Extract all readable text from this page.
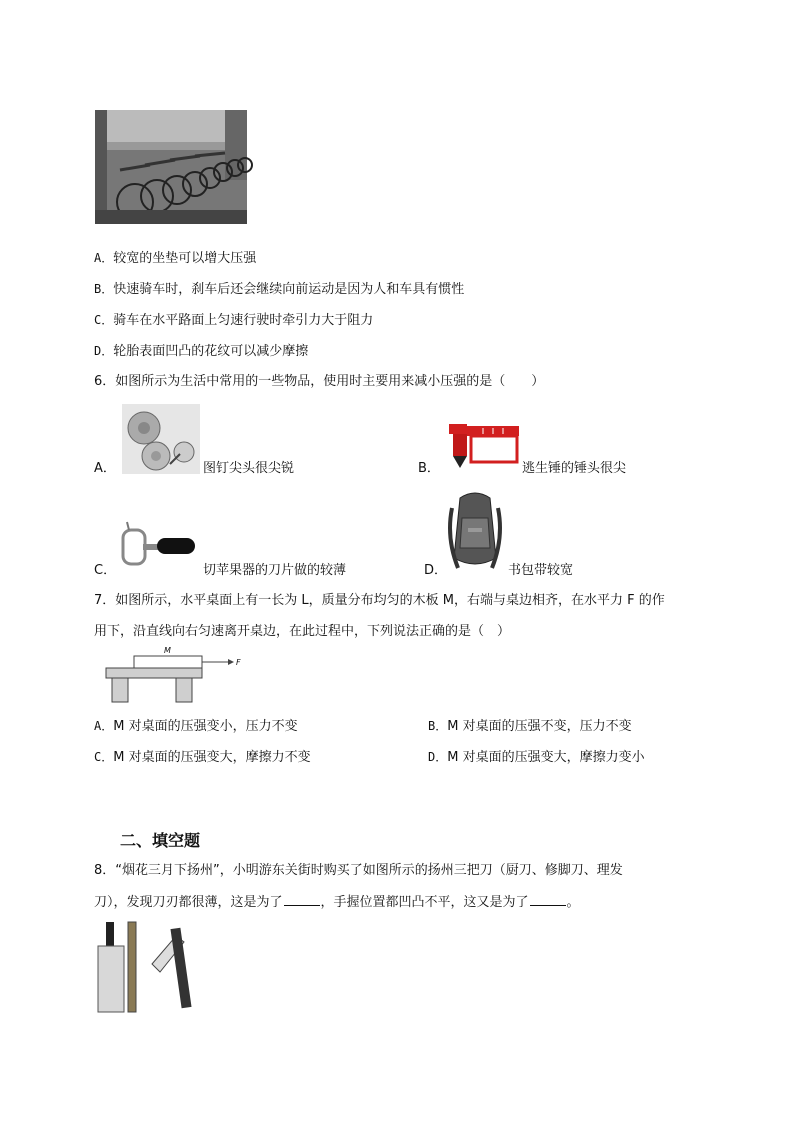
A．较宽的坐垫可以增大压强
B．快速骑车时，刹车后还会继续向前运动是因为人和车具有惯性
C．骑车在水平路面上匀速行驶时牵引力大于阻力
D．轮胎表面凹凸的花纹可以减少摩擦
6．如图所示为生活中常用的一些物品，使用时主要用来减小压强的是（　　）
A．	图钉尖头很尖锐	B．	逃生锤的锤头很尖
C．	切苹果器的刀片做的较薄	D．	书包带较宽
7．如图所示，水平桌面上有一长为 L，质量分布均匀的木板 M，右端与桌边相齐，在水平力 F 的作
用下，沿直线向右匀速离开桌边，在此过程中，下列说法正确的是（　）
M
F
A．M 对桌面的压强变小，压力不变	B．M 对桌面的压强不变，压力不变
C．M 对桌面的压强变大，摩擦力不变	D．M 对桌面的压强变大，摩擦力变小
二、填空题
8．“烟花三月下扬州”，小明游东关街时购买了如图所示的扬州三把刀（厨刀、修脚刀、理发
刀），发现刀刃都很薄，这是为了	，手握位置都凹凸不平，这又是为了	。
